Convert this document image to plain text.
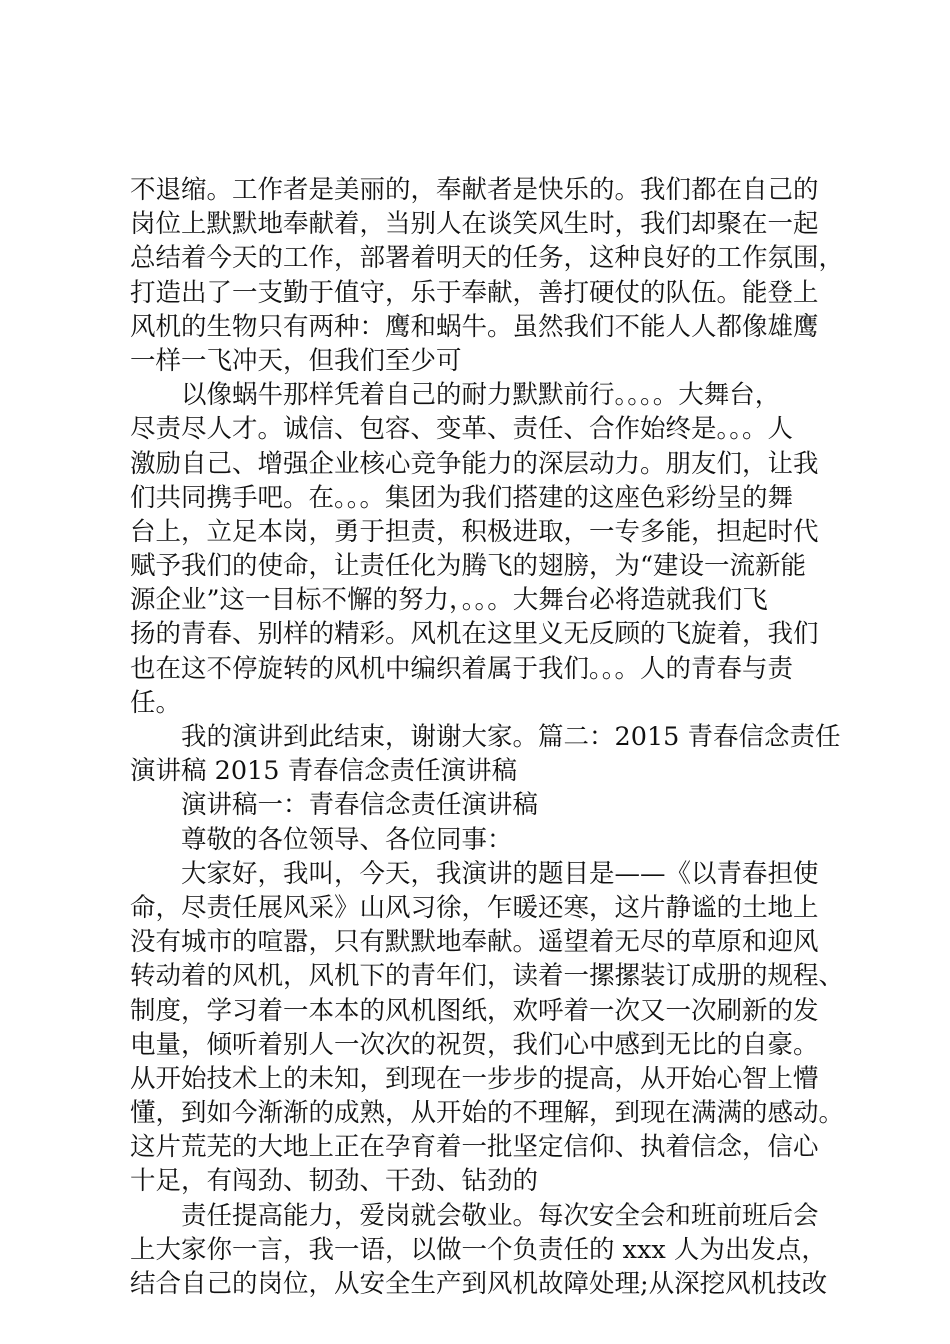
不退缩。工作者是美丽的，奉献者是快乐的。我们都在自己的
岗位上默默地奉献着，当别人在谈笑风生时，我们却聚在一起
总结着今天的工作，部署着明天的任务，这种良好的工作氛围，
打造出了一支勤于值守，乐于奉献，善打硬仗的队伍。能登上
风机的生物只有两种：鹰和蜗牛。虽然我们不能人人都像雄鹰
一样一飞冲天，但我们至少可
以像蜗牛那样凭着自己的耐力默默前行。。。。大舞台，
尽责尽人才。诚信、包容、变革、责任、合作始终是。。。人
激励自己、增强企业核心竞争能力的深层动力。朋友们，让我
们共同携手吧。在。。。集团为我们搭建的这座色彩纷呈的舞
台上，立足本岗，勇于担责，积极进取，一专多能，担起时代
赋予我们的使命，让责任化为腾飞的翅膀，为“建设一流新能
源企业”这一目标不懈的努力，。。。大舞台必将造就我们飞
扬的青春、别样的精彩。风机在这里义无反顾的飞旋着，我们
也在这不停旋转的风机中编织着属于我们。。。人的青春与责
任。
我的演讲到此结束，谢谢大家。篇二：2015 青春信念责任
演讲稿 2015 青春信念责任演讲稿
演讲稿一：青春信念责任演讲稿
尊敬的各位领导、各位同事：
大家好，我叫，今天，我演讲的题目是——《以青春担使
命，尽责任展风采》山风习徐，乍暖还寒，这片静谧的土地上
没有城市的喧嚣，只有默默地奉献。遥望着无尽的草原和迎风
转动着的风机，风机下的青年们，读着一摞摞装订成册的规程、
制度，学习着一本本的风机图纸，欢呼着一次又一次刷新的发
电量，倾听着别人一次次的祝贺，我们心中感到无比的自豪。
从开始技术上的未知，到现在一步步的提高，从开始心智上懵
懂，到如今渐渐的成熟，从开始的不理解，到现在满满的感动。
这片荒芜的大地上正在孕育着一批坚定信仰、执着信念，信心
十足，有闯劲、韧劲、干劲、钻劲的
责任提高能力，爱岗就会敬业。每次安全会和班前班后会
上大家你一言，我一语，以做一个负责任的 xxx 人为出发点，
结合自己的岗位，从安全生产到风机故障处理;从深挖风机技改
